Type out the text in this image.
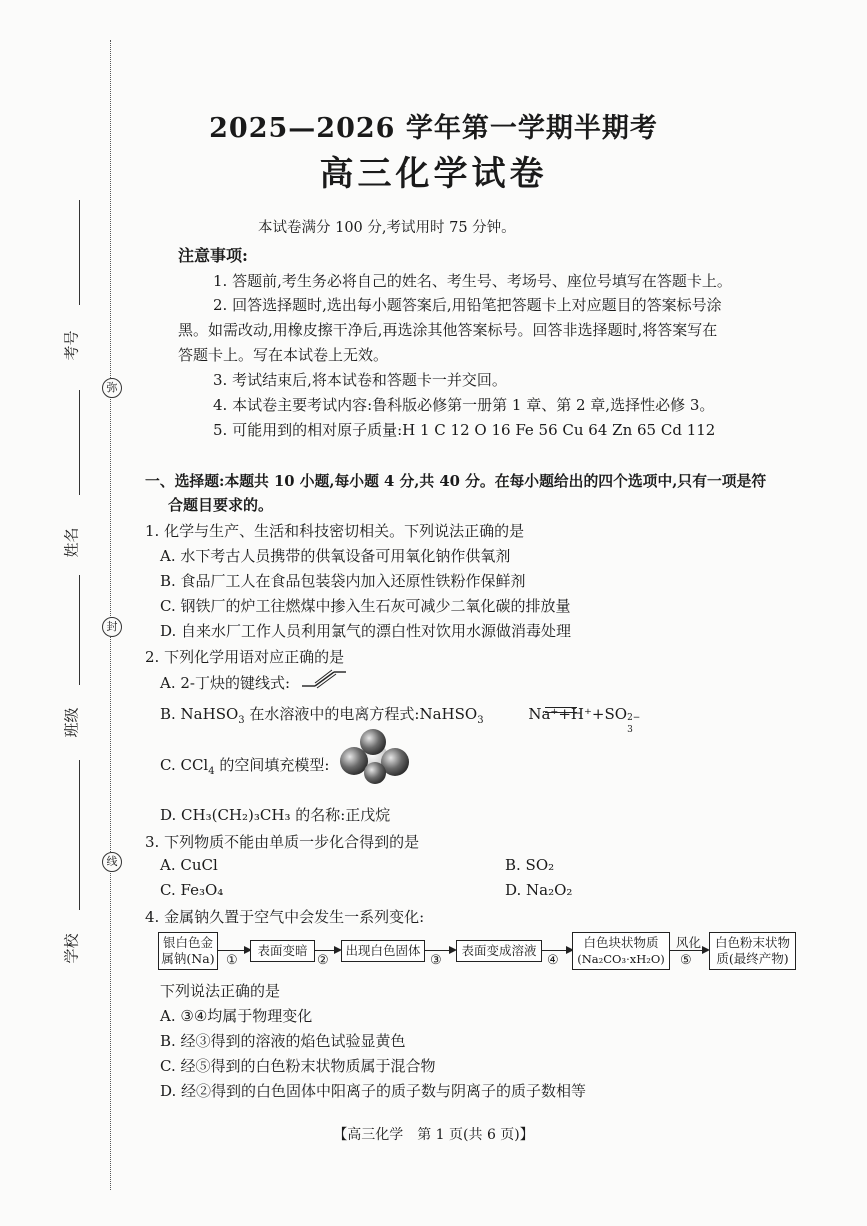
考号
姓名
班级
学校
弥
封
线
2025—2026 学年第一学期半期考
高三化学试卷
本试卷满分 100 分,考试用时 75 分钟。
注意事项:
1. 答题前,考生务必将自己的姓名、考生号、考场号、座位号填写在答题卡上。
2. 回答选择题时,选出每小题答案后,用铅笔把答题卡上对应题目的答案标号涂
黑。如需改动,用橡皮擦干净后,再选涂其他答案标号。回答非选择题时,将答案写在
答题卡上。写在本试卷上无效。
3. 考试结束后,将本试卷和答题卡一并交回。
4. 本试卷主要考试内容:鲁科版必修第一册第 1 章、第 2 章,选择性必修 3。
5. 可能用到的相对原子质量:H 1 C 12 O 16 Fe 56 Cu 64 Zn 65 Cd 112
一、选择题:本题共 10 小题,每小题 4 分,共 40 分。在每小题给出的四个选项中,只有一项是符
合题目要求的。
1. 化学与生产、生活和科技密切相关。下列说法正确的是
A. 水下考古人员携带的供氧设备可用氧化钠作供氧剂
B. 食品厂工人在食品包装袋内加入还原性铁粉作保鲜剂
C. 钢铁厂的炉工往燃煤中掺入生石灰可减少二氧化碳的排放量
D. 自来水厂工作人员利用氯气的漂白性对饮用水源做消毒处理
2. 下列化学用语对应正确的是
A. 2-丁炔的键线式:
B. NaHSO$_3$ 在水溶液中的电离方程式:NaHSO$_3$	Na⁺+H⁺+SO 2−
3
C. CCl$_4$ 的空间填充模型:
D. CH₃(CH₂)₃CH₃ 的名称:正戊烷
3. 下列物质不能由单质一步化合得到的是
A. CuCl	B. SO₂
C. Fe₃O₄	D. Na₂O₂
4. 金属钠久置于空气中会发生一系列变化:
银白色金
属钠(Na) ①
表面变暗
②
出现白色固体
③
表面变成溶液
④
白色块状物质
(Na₂CO₃·xH₂O)
风化
⑤
白色粉末状物
质(最终产物)
下列说法正确的是
A. ③④均属于物理变化
B. 经③得到的溶液的焰色试验显黄色
C. 经⑤得到的白色粉末状物质属于混合物
D. 经②得到的白色固体中阳离子的质子数与阴离子的质子数相等
【高三化学　第 1 页(共 6 页)】
